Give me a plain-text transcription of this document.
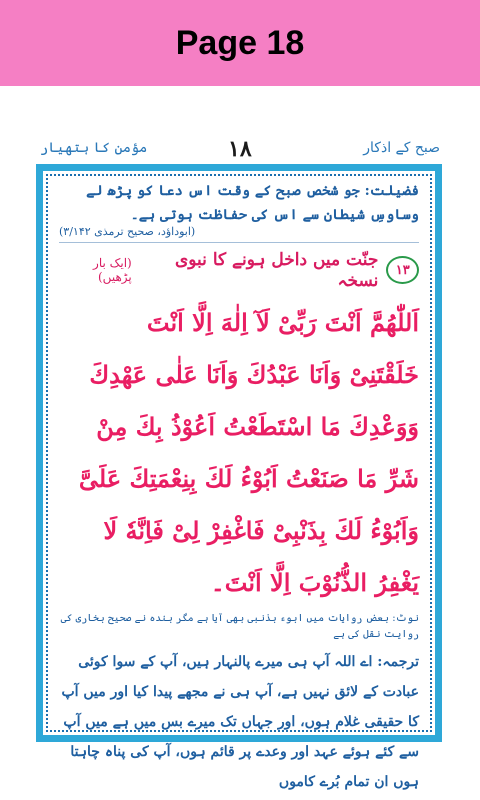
Page 18
مؤمن کا ہتھیار	۱۸	صبح کے اذکار
فضیلت: جو شخص صبح کے وقت اس دعا کو پڑھ لے وساوسِ شیطان سے اس کی حفاظت ہوتی ہے۔
(ابوداؤد، صحیح ترمذی ۳/۱۴۲)
۱۳
جنّت میں داخل ہونے کا نبوی نسخہ
(ایک بار پڑھیں)
اَللّٰهُمَّ اَنْتَ رَبِّیْ لَآ اِلٰهَ اِلَّا اَنْتَ
خَلَقْتَنِیْ وَاَنَا عَبْدُكَ وَاَنَا عَلٰی عَهْدِكَ
وَوَعْدِكَ مَا اسْتَطَعْتُ اَعُوْذُ بِكَ مِنْ
شَرِّ مَا صَنَعْتُ اَبُوْءُ لَكَ بِنِعْمَتِكَ عَلَیَّ
وَاَبُوْءُ لَكَ بِذَنْبِیْ فَاغْفِرْ لِیْ فَاِنَّهٗ لَا
يَغْفِرُ الذُّنُوْبَ اِلَّا اَنْتَ۔
نوٹ: بعض روایات میں ابوء بذنبی بھی آیا ہے مگر بندہ نے صحیح بخاری کی روایت نقل کی ہے
ترجمہ: اے اللہ آپ ہی میرے پالنہار ہیں، آپ کے سوا کوئی عبادت کے لائق نہیں ہے، آپ ہی نے مجھے پیدا کیا اور میں آپ کا حقیقی غلام ہوں، اور جہاں تک میرے بس میں ہے میں آپ سے کئے ہوئے عہد اور وعدے پر قائم ہوں، آپ کی پناہ چاہتا ہوں ان تمام بُرے کاموں
